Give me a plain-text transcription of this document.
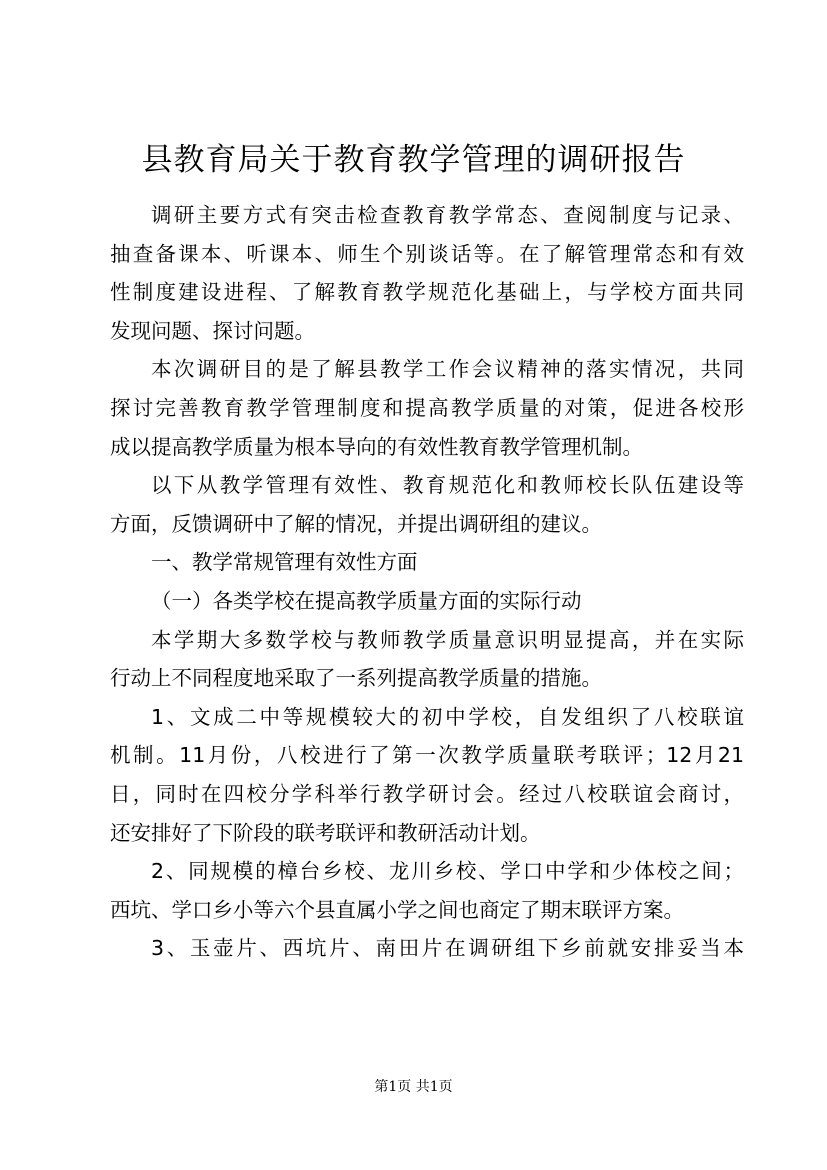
县教育局关于教育教学管理的调研报告
调研主要方式有突击检查教育教学常态、查阅制度与记录、
抽查备课本、听课本、师生个别谈话等。在了解管理常态和有效
性制度建设进程、了解教育教学规范化基础上，与学校方面共同
发现问题、探讨问题。
本次调研目的是了解县教学工作会议精神的落实情况，共同
探讨完善教育教学管理制度和提高教学质量的对策，促进各校形
成以提高教学质量为根本导向的有效性教育教学管理机制。
以下从教学管理有效性、教育规范化和教师校长队伍建设等
方面，反馈调研中了解的情况，并提出调研组的建议。
一、教学常规管理有效性方面
（一）各类学校在提高教学质量方面的实际行动
本学期大多数学校与教师教学质量意识明显提高，并在实际
行动上不同程度地采取了一系列提高教学质量的措施。
1、文成二中等规模较大的初中学校，自发组织了八校联谊
机制。11月份，八校进行了第一次教学质量联考联评；12月21
日，同时在四校分学科举行教学研讨会。经过八校联谊会商讨，
还安排好了下阶段的联考联评和教研活动计划。
2、同规模的樟台乡校、龙川乡校、学口中学和少体校之间；
西坑、学口乡小等六个县直属小学之间也商定了期末联评方案。
3、玉壶片、西坑片、南田片在调研组下乡前就安排妥当本
第1页 共1页
